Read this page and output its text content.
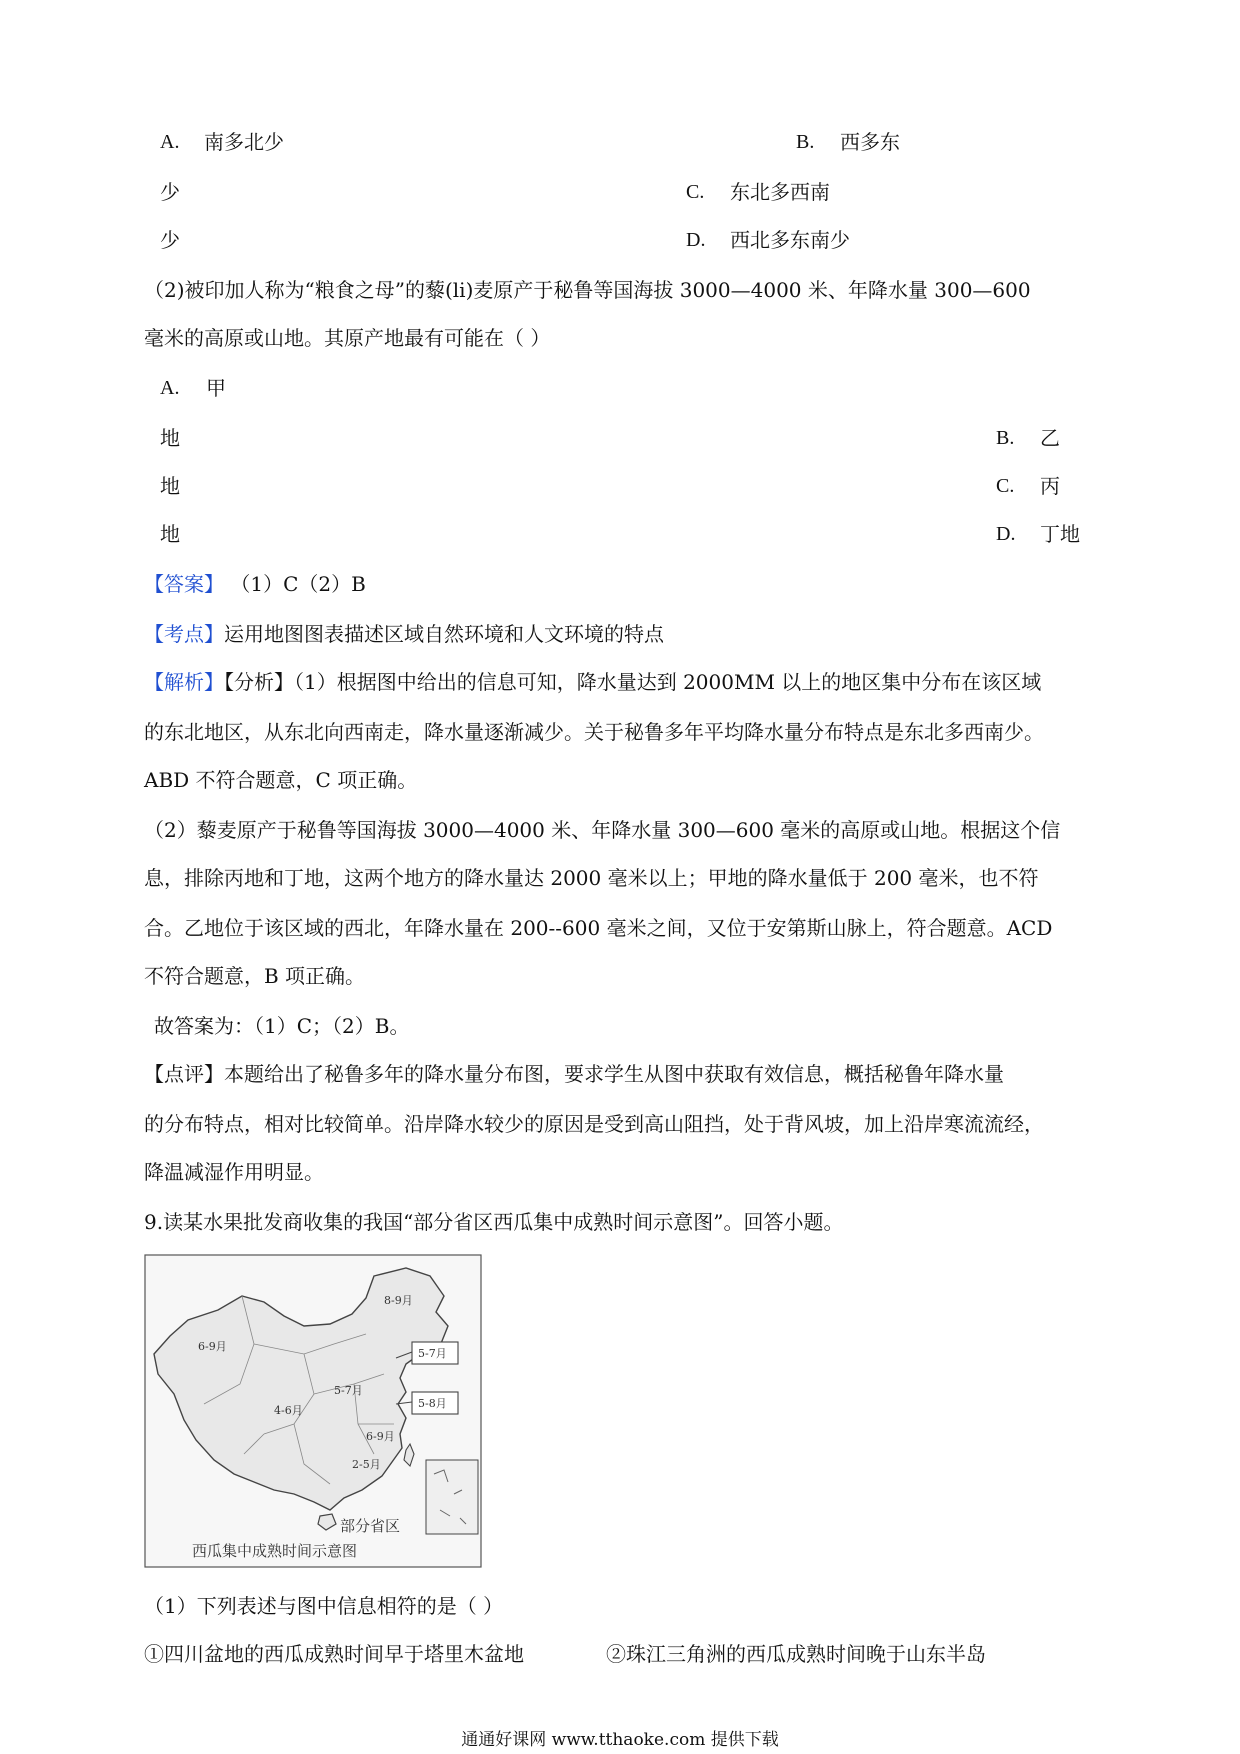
A. 南多北少	B. 西多东
少	C. 东北多西南
少	D. 西北多东南少
（2)被印加人称为“粮食之母”的藜(li)麦原产于秘鲁等国海拔 3000—4000 米、年降水量 300—600
毫米的高原或山地。其原产地最有可能在（ ）
A. 甲
地	B. 乙
地	C. 丙
地	D. 丁地
【答案】 （1）C（2）B
【考点】运用地图图表描述区域自然环境和人文环境的特点
【解析】【分析】（1）根据图中给出的信息可知，降水量达到 2000MM 以上的地区集中分布在该区域
的东北地区，从东北向西南走，降水量逐渐减少。关于秘鲁多年平均降水量分布特点是东北多西南少。
ABD 不符合题意，C 项正确。
（2）藜麦原产于秘鲁等国海拔 3000—4000 米、年降水量 300—600 毫米的高原或山地。根据这个信
息，排除丙地和丁地，这两个地方的降水量达 2000 毫米以上；甲地的降水量低于 200 毫米，也不符
合。乙地位于该区域的西北，年降水量在 200--600 毫米之间，又位于安第斯山脉上，符合题意。ACD
不符合题意，B 项正确。
故答案为：（1）C；（2）B。
【点评】本题给出了秘鲁多年的降水量分布图，要求学生从图中获取有效信息，概括秘鲁年降水量
的分布特点，相对比较简单。沿岸降水较少的原因是受到高山阻挡，处于背风坡，加上沿岸寒流流经，
降温减湿作用明显。
9.读某水果批发商收集的我国“部分省区西瓜集中成熟时间示意图”。回答小题。
8-9月
6-9月
5-7月
5-8月
5-7月
4-6月
6-9月
2-5月
部分省区
西瓜集中成熟时间示意图
（1）下列表述与图中信息相符的是（ ）
①四川盆地的西瓜成熟时间早于塔里木盆地	②珠江三角洲的西瓜成熟时间晚于山东半岛
通通好课网 www.tthaoke.com 提供下载
